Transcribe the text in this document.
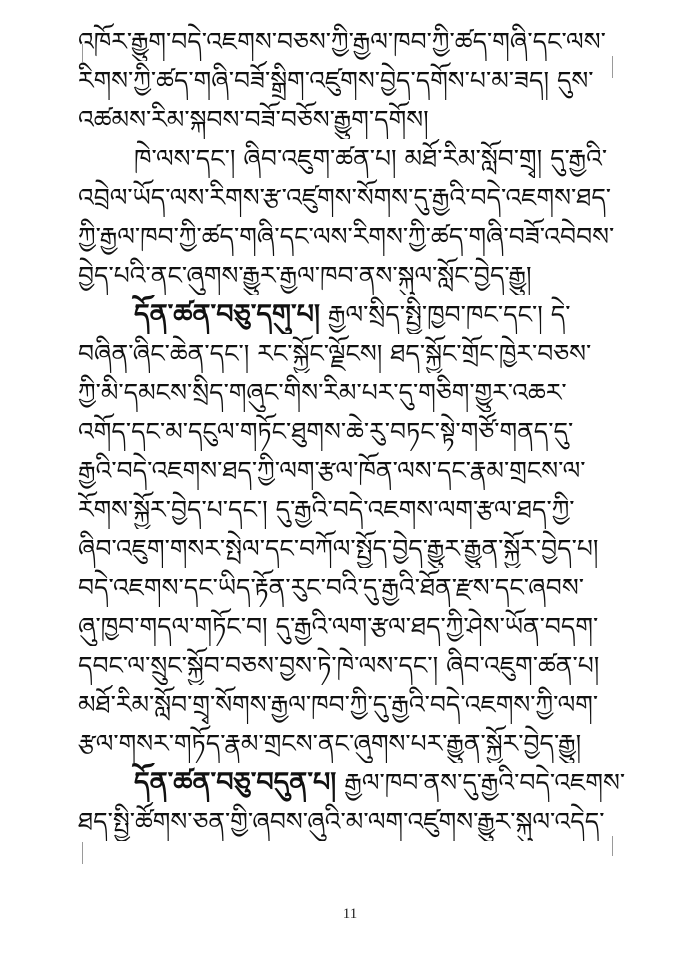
འཁོར་རྒྱུག་བདེ་འཇགས་བཅས་ཀྱི་རྒྱལ་ཁབ་ཀྱི་ཚད་གཞི་དང་ལས་
རིགས་ཀྱི་ཚད་གཞི་བཟོ་སྒྲིག་འཛུགས་བྱེད་དགོས་པ་མ་ཟད། དུས་
འཚམས་རིམ་སྐབས་བཟོ་བཅོས་རྒྱུག་དགོས།
ཁེ་ལས་དང་། ཞིབ་འཇུག་ཚན་པ། མཐོ་རིམ་སློབ་གྲྭ། དུ་རྒྱའི་
འབྲེལ་ཡོད་ལས་རིགས་རྩ་འཛུགས་སོགས་དུ་རྒྱའི་བདེ་འཇགས་ཐད་
ཀྱི་རྒྱལ་ཁབ་ཀྱི་ཚད་གཞི་དང་ལས་རིགས་ཀྱི་ཚད་གཞི་བཟོ་འབེབས་
བྱེད་པའི་ནང་ཞུགས་རྒྱུར་རྒྱལ་ཁབ་ནས་སྐུལ་སློང་བྱེད་རྒྱུ།
དོན་ཚན་བཅུ་དགུ་པ། རྒྱལ་སྲིད་སྤྱི་ཁྱབ་ཁང་དང་། དེ་
བཞིན་ཞིང་ཆེན་དང་། རང་སྐྱོང་ལྗོངས། ཐད་སྐྱོང་གྲོང་ཁྱེར་བཅས་
ཀྱི་མི་དམངས་སྲིད་གཞུང་གིས་རིམ་པར་དུ་གཅིག་གྱུར་འཆར་
འགོད་དང་མ་དངུལ་གཏོང་ཐུགས་ཆེ་རུ་བཏང་སྟེ་གཙོ་གནད་དུ་
རྒྱའི་བདེ་འཇགས་ཐད་ཀྱི་ལག་རྩལ་ཁོན་ལས་དང་རྣམ་གྲངས་ལ་
རོགས་སྐྱོར་བྱེད་པ་དང་། དུ་རྒྱའི་བདེ་འཇགས་ལག་རྩལ་ཐད་ཀྱི་
ཞིབ་འཇུག་གསར་སྤེལ་དང་བཀོལ་སྤྱོད་བྱེད་རྒྱུར་རྒྱུན་སྐྱོར་བྱེད་པ།
བདེ་འཇགས་དང་ཡིད་རྟོན་རུང་བའི་དུ་རྒྱའི་ཐོན་རྫས་དང་ཞབས་
ཞུ་ཁྱབ་གདལ་གཏོང་བ། དུ་རྒྱའི་ལག་རྩལ་ཐད་ཀྱི་ཤེས་ཡོན་བདག་
དབང་ལ་སྲུང་སྐྱོབ་བཅས་བྱས་ཏེ་ཁེ་ལས་དང་། ཞིབ་འཇུག་ཚན་པ།
མཐོ་རིམ་སློབ་གྲྭ་སོགས་རྒྱལ་ཁབ་ཀྱི་དུ་རྒྱའི་བདེ་འཇགས་ཀྱི་ལག་
རྩལ་གསར་གཏོད་རྣམ་གྲངས་ནང་ཞུགས་པར་རྒྱུན་སྐྱོར་བྱེད་རྒྱུ།
དོན་ཚན་བཅུ་བདུན་པ། རྒྱལ་ཁབ་ནས་དུ་རྒྱའི་བདེ་འཇགས་
ཐད་སྤྱི་ཚོགས་ཅན་གྱི་ཞབས་ཞུའི་མ་ལག་འཛུགས་རྒྱུར་སྐུལ་འདེད་
11
